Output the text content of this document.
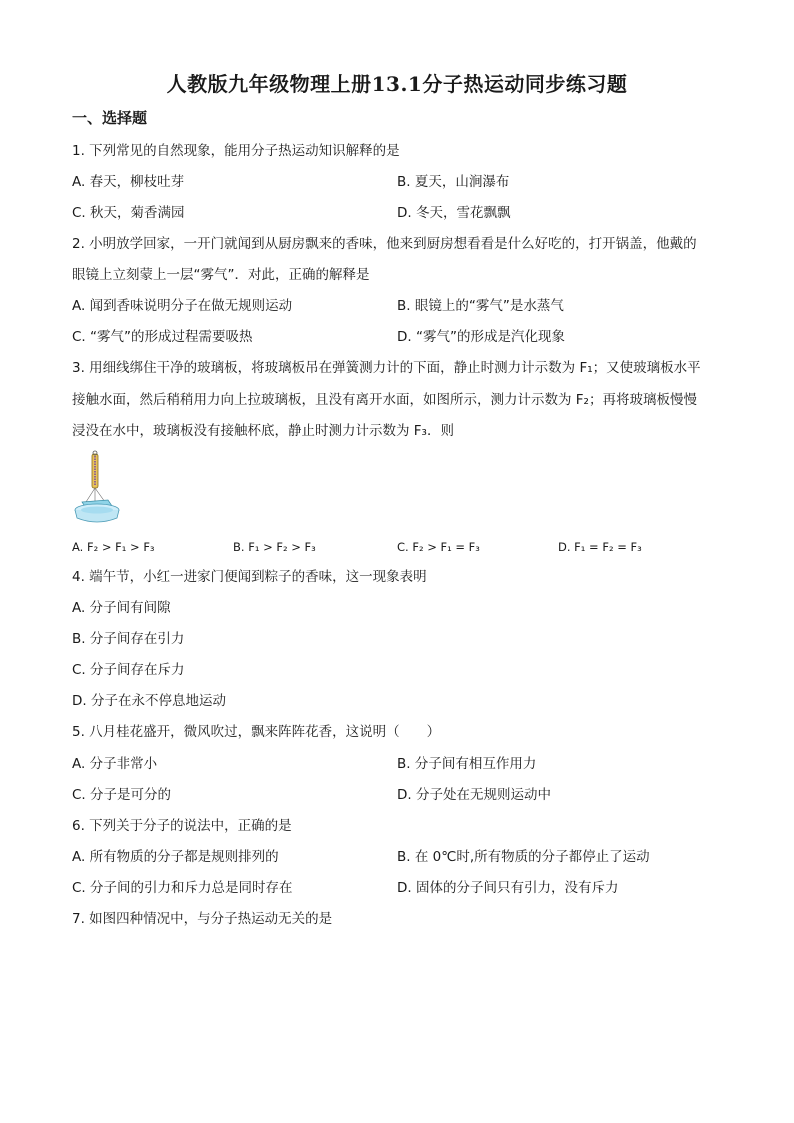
人教版九年级物理上册13.1分子热运动同步练习题
一、选择题
1. 下列常见的自然现象，能用分子热运动知识解释的是
A. 春天，柳枝吐芽	B. 夏天，山涧瀑布
C. 秋天，菊香满园	D. 冬天，雪花飘飘
2. 小明放学回家，一开门就闻到从厨房飘来的香味，他来到厨房想看看是什么好吃的，打开锅盖，他戴的
眼镜上立刻蒙上一层“雾气”．对此，正确的解释是
A. 闻到香味说明分子在做无规则运动	B. 眼镜上的“雾气”是水蒸气
C. “雾气”的形成过程需要吸热	D. “雾气”的形成是汽化现象
3. 用细线绑住干净的玻璃板，将玻璃板吊在弹簧测力计的下面，静止时测力计示数为 F₁；又使玻璃板水平
接触水面，然后稍稍用力向上拉玻璃板，且没有离开水面，如图所示，测力计示数为 F₂；再将玻璃板慢慢
浸没在水中，玻璃板没有接触杯底，静止时测力计示数为 F₃．则
A. F₂ > F₁ > F₃	B. F₁ > F₂ > F₃	C. F₂ > F₁ = F₃	D. F₁ = F₂ = F₃
4. 端午节，小红一进家门便闻到粽子的香味，这一现象表明
A. 分子间有间隙
B. 分子间存在引力
C. 分子间存在斥力
D. 分子在永不停息地运动
5. 八月桂花盛开，微风吹过，飘来阵阵花香，这说明（　　）
A. 分子非常小	B. 分子间有相互作用力
C. 分子是可分的	D. 分子处在无规则运动中
6. 下列关于分子的说法中，正确的是
A. 所有物质的分子都是规则排列的	B. 在 0℃时,所有物质的分子都停止了运动
C. 分子间的引力和斥力总是同时存在	D. 固体的分子间只有引力，没有斥力
7. 如图四种情况中，与分子热运动无关的是
